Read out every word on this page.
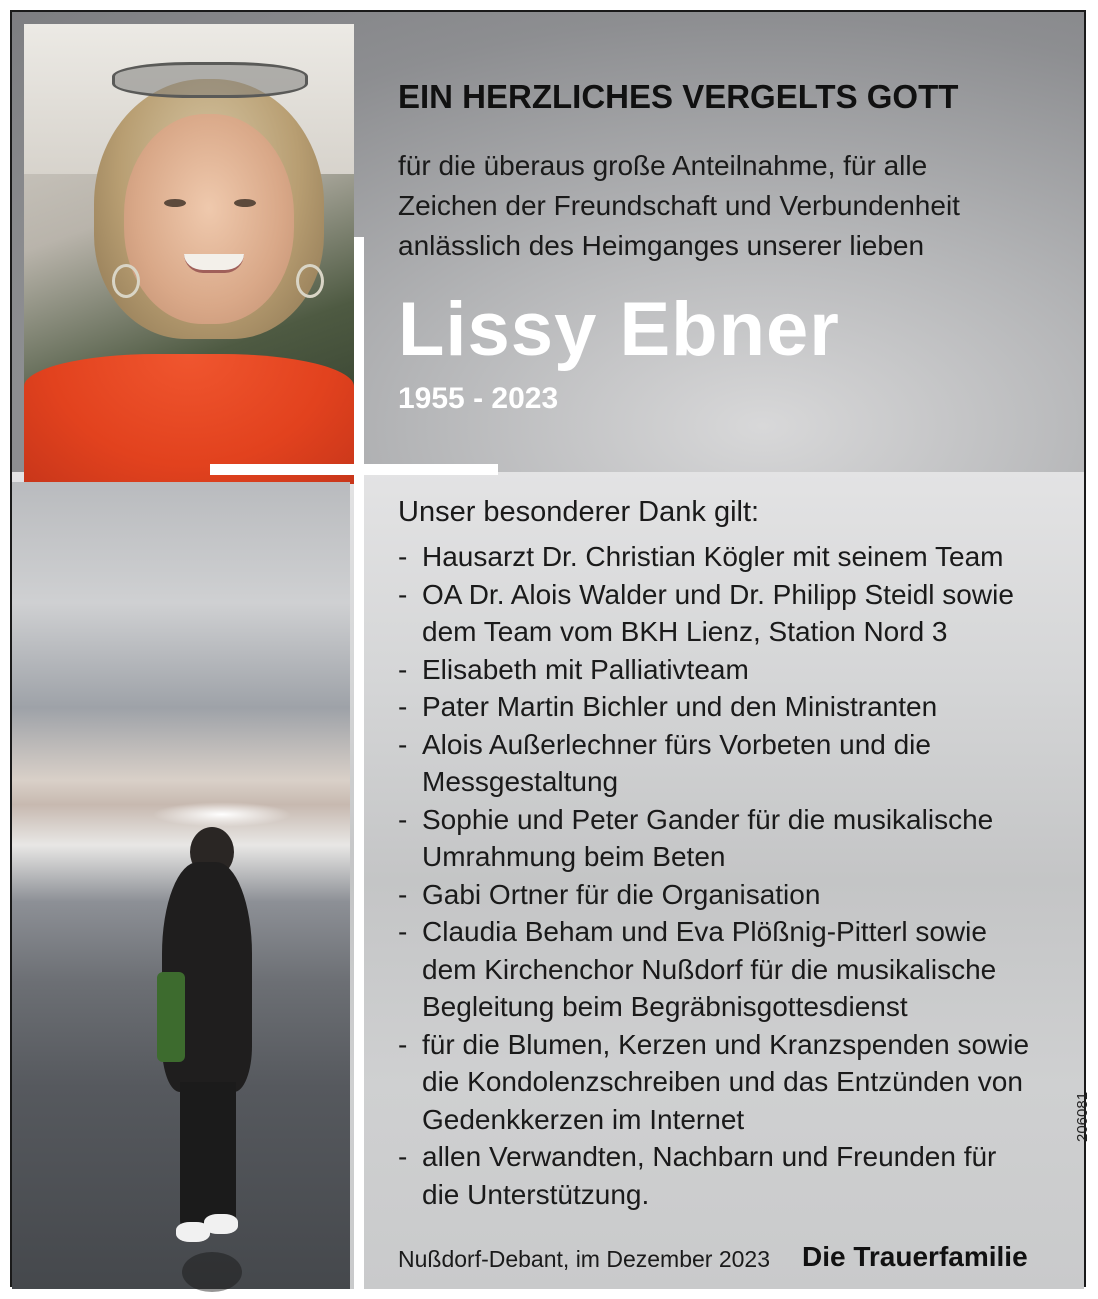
EIN HERZLICHES VERGELTS GOTT
für die überaus große Anteilnahme, für alle
Zeichen der Freundschaft und Verbundenheit
anlässlich des Heimganges unserer lieben
Lissy Ebner
1955 - 2023
Unser besonderer Dank gilt:
- Hausarzt Dr. Christian Kögler mit seinem Team
- OA Dr. Alois Walder und Dr. Philipp Steidl sowie
dem Team vom BKH Lienz, Station Nord 3
- Elisabeth mit Palliativteam
- Pater Martin Bichler und den Ministranten
- Alois Außerlechner fürs Vorbeten und die
Messgestaltung
- Sophie und Peter Gander für die musikalische
Umrahmung beim Beten
- Gabi Ortner für die Organisation
- Claudia Beham und Eva Plößnig-Pitterl sowie
dem Kirchenchor Nußdorf für die musikalische
Begleitung beim Begräbnisgottesdienst
- für die Blumen, Kerzen und Kranzspenden sowie
die Kondolenzschreiben und das Entzünden von
Gedenkkerzen im Internet
- allen Verwandten, Nachbarn und Freunden für
die Unterstützung.
Nußdorf-Debant, im Dezember 2023 Die Trauerfamilie
206081
